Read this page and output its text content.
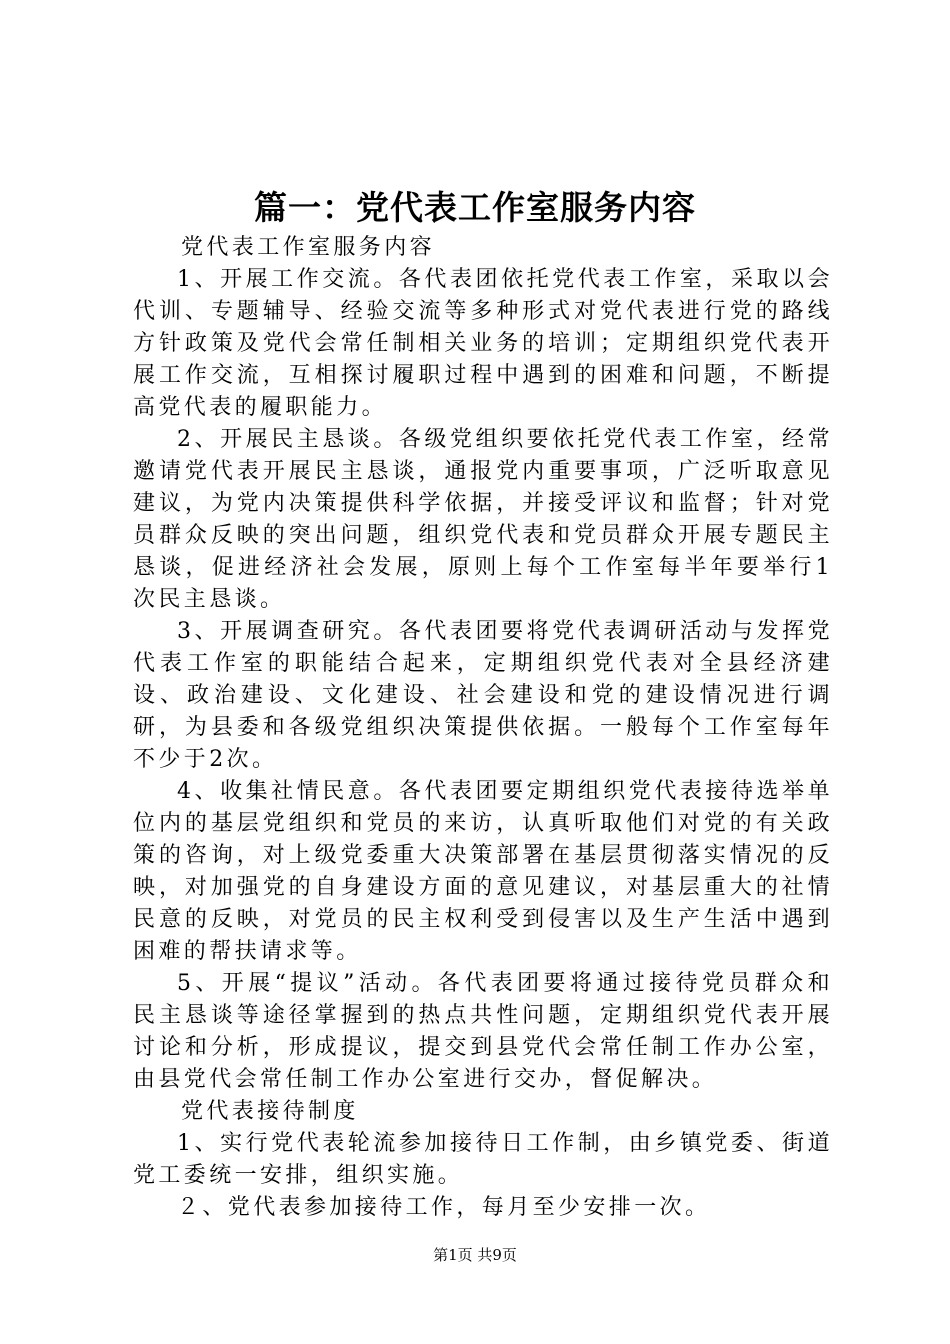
篇一：党代表工作室服务内容

党代表工作室服务内容

1、开展工作交流。各代表团依托党代表工作室，采取以会代训、专题辅导、经验交流等多种形式对党代表进行党的路线方针政策及党代会常任制相关业务的培训；定期组织党代表开展工作交流，互相探讨履职过程中遇到的困难和问题，不断提高党代表的履职能力。

2、开展民主恳谈。各级党组织要依托党代表工作室，经常邀请党代表开展民主恳谈，通报党内重要事项，广泛听取意见建议，为党内决策提供科学依据，并接受评议和监督；针对党员群众反映的突出问题，组织党代表和党员群众开展专题民主恳谈，促进经济社会发展，原则上每个工作室每半年要举行1次民主恳谈。

3、开展调查研究。各代表团要将党代表调研活动与发挥党代表工作室的职能结合起来，定期组织党代表对全县经济建设、政治建设、文化建设、社会建设和党的建设情况进行调研，为县委和各级党组织决策提供依据。一般每个工作室每年不少于2次。

4、收集社情民意。各代表团要定期组织党代表接待选举单位内的基层党组织和党员的来访，认真听取他们对党的有关政策的咨询，对上级党委重大决策部署在基层贯彻落实情况的反映，对加强党的自身建设方面的意见建议，对基层重大的社情民意的反映，对党员的民主权利受到侵害以及生产生活中遇到困难的帮扶请求等。

5、开展“提议”活动。各代表团要将通过接待党员群众和民主恳谈等途径掌握到的热点共性问题，定期组织党代表开展讨论和分析，形成提议，提交到县党代会常任制工作办公室，由县党代会常任制工作办公室进行交办，督促解决。

党代表接待制度

1、实行党代表轮流参加接待日工作制，由乡镇党委、街道党工委统一安排，组织实施。

２、党代表参加接待工作，每月至少安排一次。

第1页 共9页
